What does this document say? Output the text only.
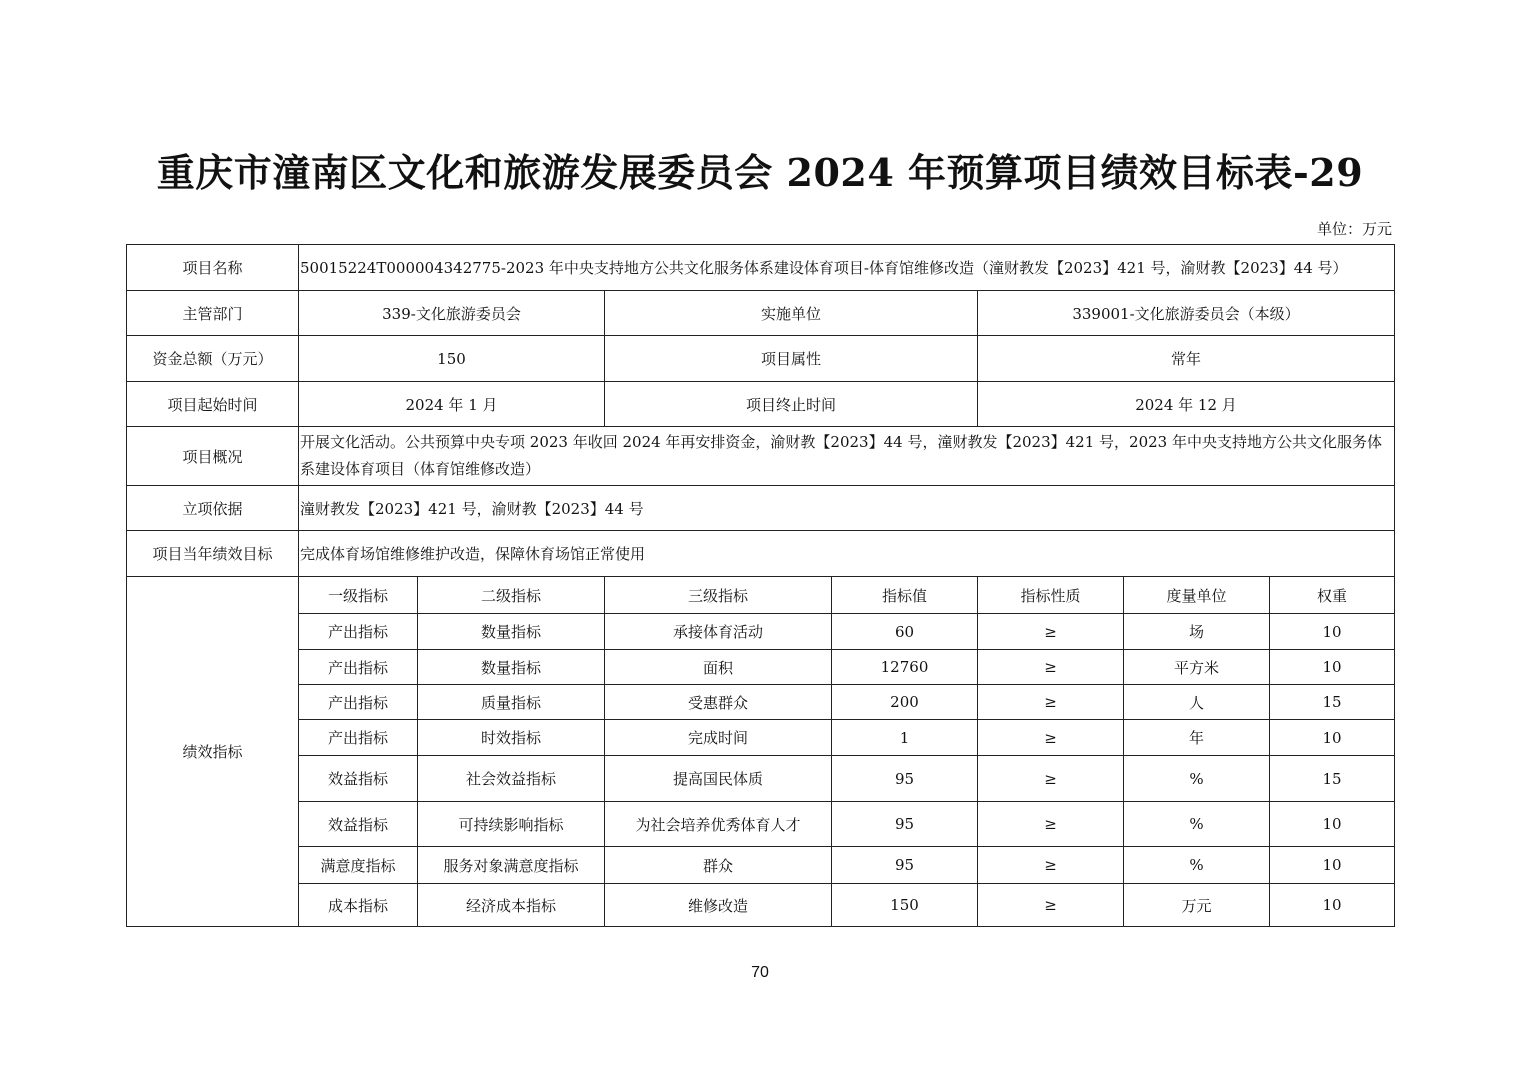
重庆市潼南区文化和旅游发展委员会 2024 年预算项目绩效目标表-29
单位：万元
项目名称	50015224T000004342775-2023 年中央支持地方公共文化服务体系建设体育项目-体育馆维修改造（潼财教发【2023】421 号，渝财教【2023】44 号）						
主管部门	339-文化旅游委员会		实施单位		339001-文化旅游委员会（本级）		
资金总额（万元）	150		项目属性		常年		
项目起始时间	2024 年 1 月		项目终止时间		2024 年 12 月		
项目概况	开展文化活动。公共预算中央专项 2023 年收回 2024 年再安排资金，渝财教【2023】44 号，潼财教发【2023】421 号，2023 年中央支持地方公共文化服务体系建设体育项目（体育馆维修改造）						
立项依据	潼财教发【2023】421 号，渝财教【2023】44 号						
项目当年绩效目标	完成体育场馆维修维护改造，保障休育场馆正常使用						
绩效指标	一级指标	二级指标	三级指标	指标值	指标性质	度量单位	权重
	产出指标	数量指标	承接体育活动	60	≥	场	10
	产出指标	数量指标	面积	12760	≥	平方米	10
	产出指标	质量指标	受惠群众	200	≥	人	15
	产出指标	时效指标	完成时间	1	≥	年	10
	效益指标	社会效益指标	提高国民体质	95	≥	%	15
	效益指标	可持续影响指标	为社会培养优秀体育人才	95	≥	%	10
	满意度指标	服务对象满意度指标	群众	95	≥	%	10
	成本指标	经济成本指标	维修改造	150	≥	万元	10
70
